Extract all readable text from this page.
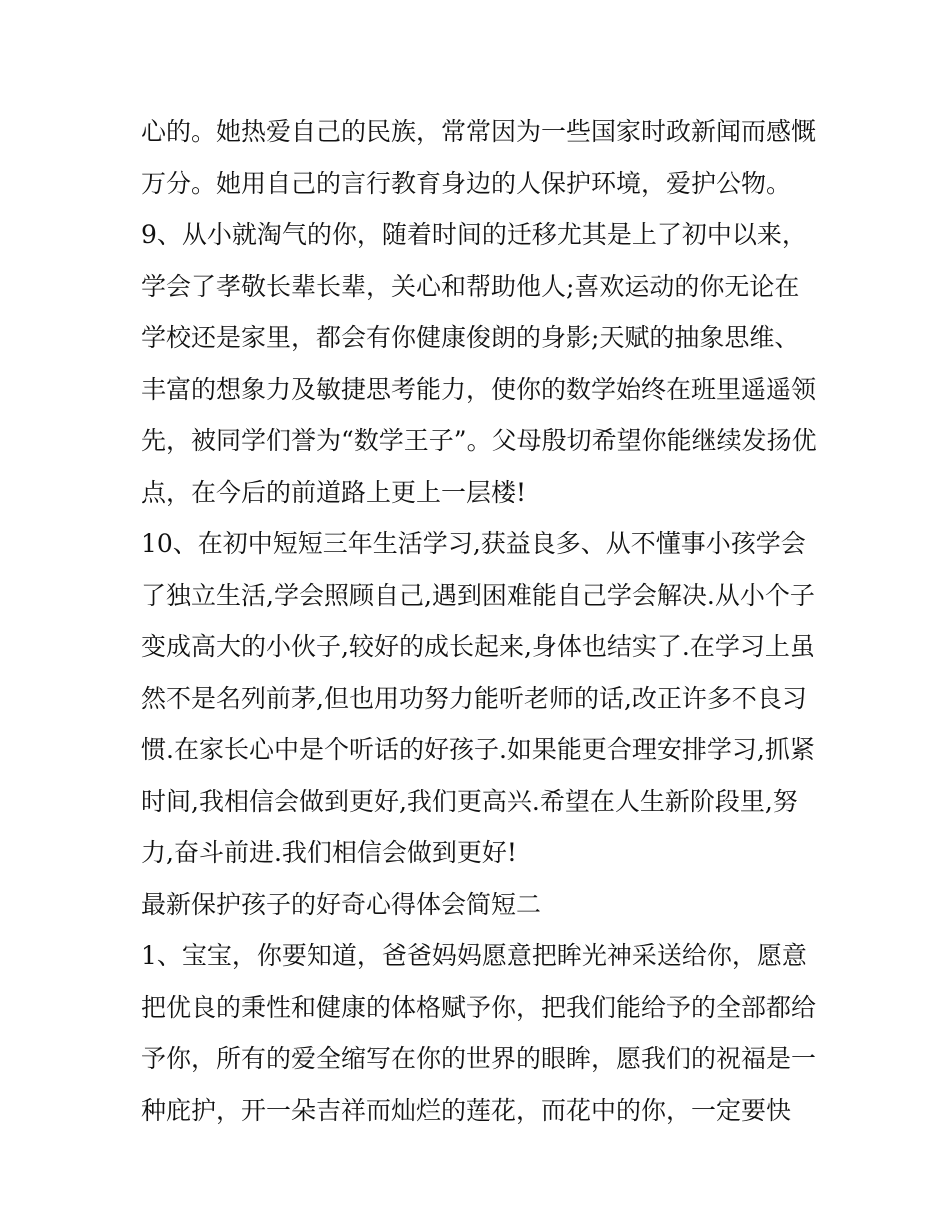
心的。她热爱自己的民族，常常因为一些国家时政新闻而感慨
万分。她用自己的言行教育身边的人保护环境，爱护公物。
9、从小就淘气的你，随着时间的迁移尤其是上了初中以来，
学会了孝敬长辈长辈，关心和帮助他人;喜欢运动的你无论在
学校还是家里，都会有你健康俊朗的身影;天赋的抽象思维、
丰富的想象力及敏捷思考能力，使你的数学始终在班里遥遥领
先，被同学们誉为“数学王子”。父母殷切希望你能继续发扬优
点，在今后的前道路上更上一层楼!
10、在初中短短三年生活学习,获益良多、从不懂事小孩学会
了独立生活,学会照顾自己,遇到困难能自己学会解决.从小个子
变成高大的小伙子,较好的成长起来,身体也结实了.在学习上虽
然不是名列前茅,但也用功努力能听老师的话,改正许多不良习
惯.在家长心中是个听话的好孩子.如果能更合理安排学习,抓紧
时间,我相信会做到更好,我们更高兴.希望在人生新阶段里,努
力,奋斗前进.我们相信会做到更好!
最新保护孩子的好奇心得体会简短二
1、宝宝，你要知道，爸爸妈妈愿意把眸光神采送给你，愿意
把优良的秉性和健康的体格赋予你，把我们能给予的全部都给
予你，所有的爱全缩写在你的世界的眼眸，愿我们的祝福是一
种庇护，开一朵吉祥而灿烂的莲花，而花中的你，一定要快
